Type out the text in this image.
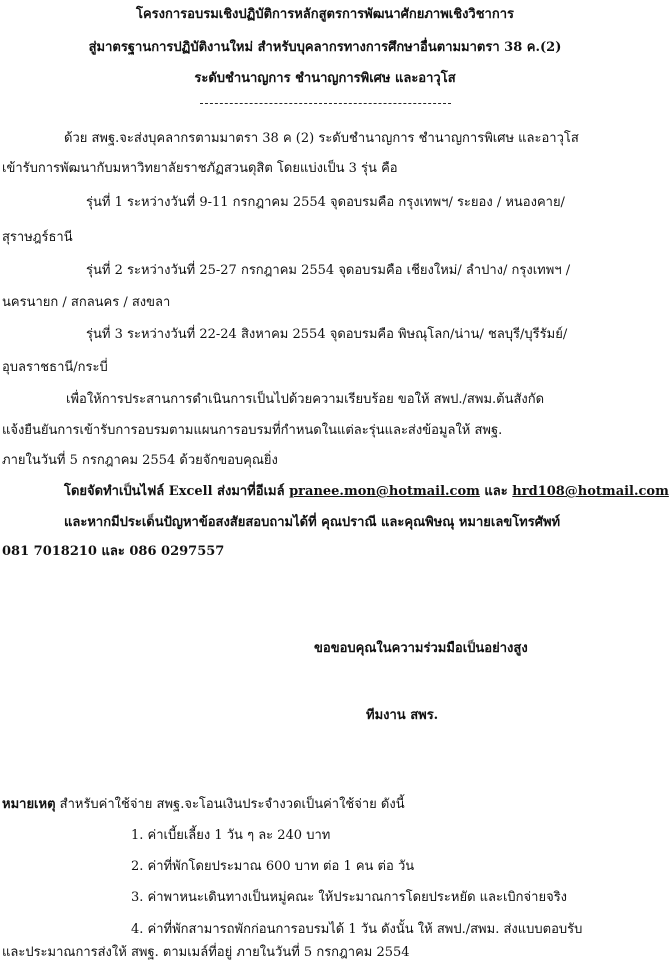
โครงการอบรมเชิงปฏิบัติการหลักสูตรการพัฒนาศักยภาพเชิงวิชาการ
สู่มาตรฐานการปฏิบัติงานใหม่ สำหรับบุคลากรทางการศึกษาอื่นตามมาตรา 38 ค.(2)
ระดับชำนาญการ ชำนาญการพิเศษ และอาวุโส
ด้วย สพฐ.จะส่งบุคลากรตามมาตรา 38 ค (2) ระดับชำนาญการ ชำนาญการพิเศษ และอาวุโส
เข้ารับการพัฒนากับมหาวิทยาลัยราชภัฏสวนดุสิต โดยแบ่งเป็น 3 รุ่น คือ
รุ่นที่ 1 ระหว่างวันที่ 9-11 กรกฎาคม 2554 จุดอบรมคือ กรุงเทพฯ/ ระยอง / หนองคาย/
สุราษฎร์ธานี
รุ่นที่ 2 ระหว่างวันที่ 25-27 กรกฎาคม 2554 จุดอบรมคือ เชียงใหม่/ ลำปาง/ กรุงเทพฯ /
นครนายก / สกลนคร / สงขลา
รุ่นที่ 3 ระหว่างวันที่ 22-24 สิงหาคม 2554 จุดอบรมคือ พิษณุโลก/น่าน/ ชลบุรี/บุรีรัมย์/
อุบลราชธานี/กระบี่
เพื่อให้การประสานการดำเนินการเป็นไปด้วยความเรียบร้อย ขอให้ สพป./สพม.ต้นสังกัด
แจ้งยืนยันการเข้ารับการอบรมตามแผนการอบรมที่กำหนดในแต่ละรุ่นและส่งข้อมูลให้ สพฐ.
ภายในวันที่ 5 กรกฎาคม 2554 ด้วยจักขอบคุณยิ่ง
โดยจัดทำเป็นไฟล์ Excell ส่งมาที่อีเมล์ pranee.mon@hotmail.com และ hrd108@hotmail.com
และหากมีประเด็นปัญหาข้อสงสัยสอบถามได้ที่ คุณปราณี และคุณพิษณุ หมายเลขโทรศัพท์
081 7018210 และ 086 0297557
ขอขอบคุณในความร่วมมือเป็นอย่างสูง
ทีมงาน สพร.
หมายเหตุ สำหรับค่าใช้จ่าย สพฐ.จะโอนเงินประจำงวดเป็นค่าใช้จ่าย ดังนี้
1. ค่าเบี้ยเลี้ยง 1 วัน ๆ ละ 240 บาท
2. ค่าที่พักโดยประมาณ 600 บาท ต่อ 1 คน ต่อ วัน
3. ค่าพาหนะเดินทางเป็นหมู่คณะ ให้ประมาณการโดยประหยัด และเบิกจ่ายจริง
4. ค่าที่พักสามารถพักก่อนการอบรมได้ 1 วัน ดังนั้น ให้ สพป./สพม. ส่งแบบตอบรับ
และประมาณการส่งให้ สพฐ. ตามเมล์ที่อยู่ ภายในวันที่ 5 กรกฎาคม 2554
